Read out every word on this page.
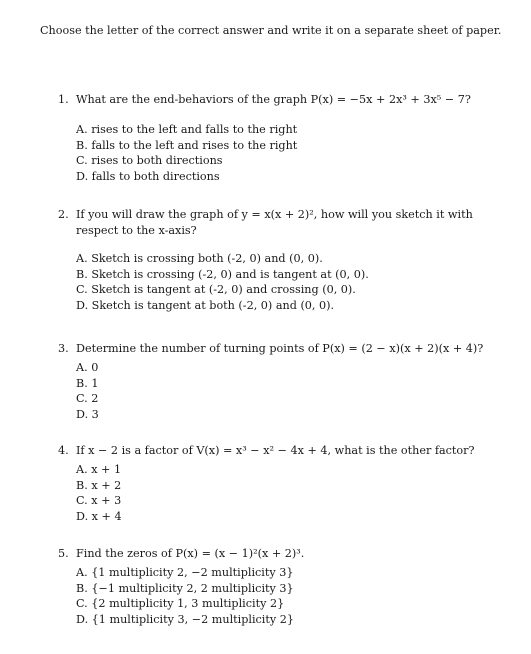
Choose the letter of the correct answer and write it on a separate sheet of paper.
1. What are the end-behaviors of the graph P(x) = −5x + 2x³ + 3x⁵ − 7?
A. rises to the left and falls to the right
B. falls to the left and rises to the right
C. rises to both directions
D. falls to both directions
2. If you will draw the graph of y = x(x + 2)², how will you sketch it with respect to the x-axis?
A. Sketch is crossing both (-2, 0) and (0, 0).
B. Sketch is crossing (-2, 0) and is tangent at (0, 0).
C. Sketch is tangent at (-2, 0) and crossing (0, 0).
D. Sketch is tangent at both (-2, 0) and (0, 0).
3. Determine the number of turning points of P(x) = (2 − x)(x + 2)(x + 4)?
A. 0
B. 1
C. 2
D. 3
4. If x − 2 is a factor of V(x) = x³ − x² − 4x + 4, what is the other factor?
A. x + 1
B. x + 2
C. x + 3
D. x + 4
5. Find the zeros of P(x) = (x − 1)²(x + 2)³.
A. {1 multiplicity 2, −2 multiplicity 3}
B. {−1 multiplicity 2, 2 multiplicity 3}
C. {2 multiplicity 1, 3 multiplicity 2}
D. {1 multiplicity 3, −2 multiplicity 2}
